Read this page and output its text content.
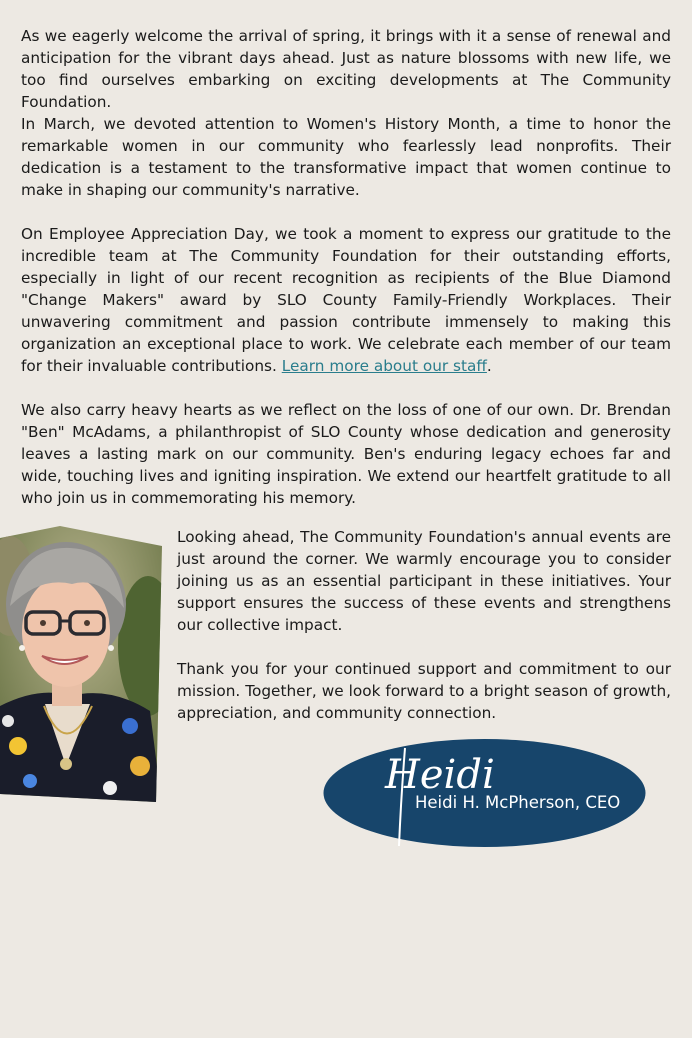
As we eagerly welcome the arrival of spring, it brings with it a sense of renewal and anticipation for the vibrant days ahead. Just as nature blossoms with new life, we too find ourselves embarking on exciting developments at The Community Foundation.

In March, we devoted attention to Women's History Month, a time to honor the remarkable women in our community who fearlessly lead nonprofits. Their dedication is a testament to the transformative impact that women continue to make in shaping our community's narrative.

On Employee Appreciation Day, we took a moment to express our gratitude to the incredible team at The Community Foundation for their outstanding efforts, especially in light of our recent recognition as recipients of the Blue Diamond "Change Makers" award by SLO County Family-Friendly Workplaces. Their unwavering commitment and passion contribute immensely to making this organization an exceptional place to work. We celebrate each member of our team for their invaluable contributions. Learn more about our staff.

We also carry heavy hearts as we reflect on the loss of one of our own. Dr. Brendan "Ben" McAdams, a philanthropist of SLO County whose dedication and generosity leaves a lasting mark on our community. Ben's enduring legacy echoes far and wide, touching lives and igniting inspiration. We extend our heartfelt gratitude to all who join us in commemorating his memory.

Looking ahead, The Community Foundation's annual events are just around the corner. We warmly encourage you to consider joining us as an essential participant in these initiatives. Your support ensures the success of these events and strengthens our collective impact.

Thank you for your continued support and commitment to our mission. Together, we look forward to a bright season of growth, appreciation, and community connection.

Heidi
Heidi H. McPherson, CEO
